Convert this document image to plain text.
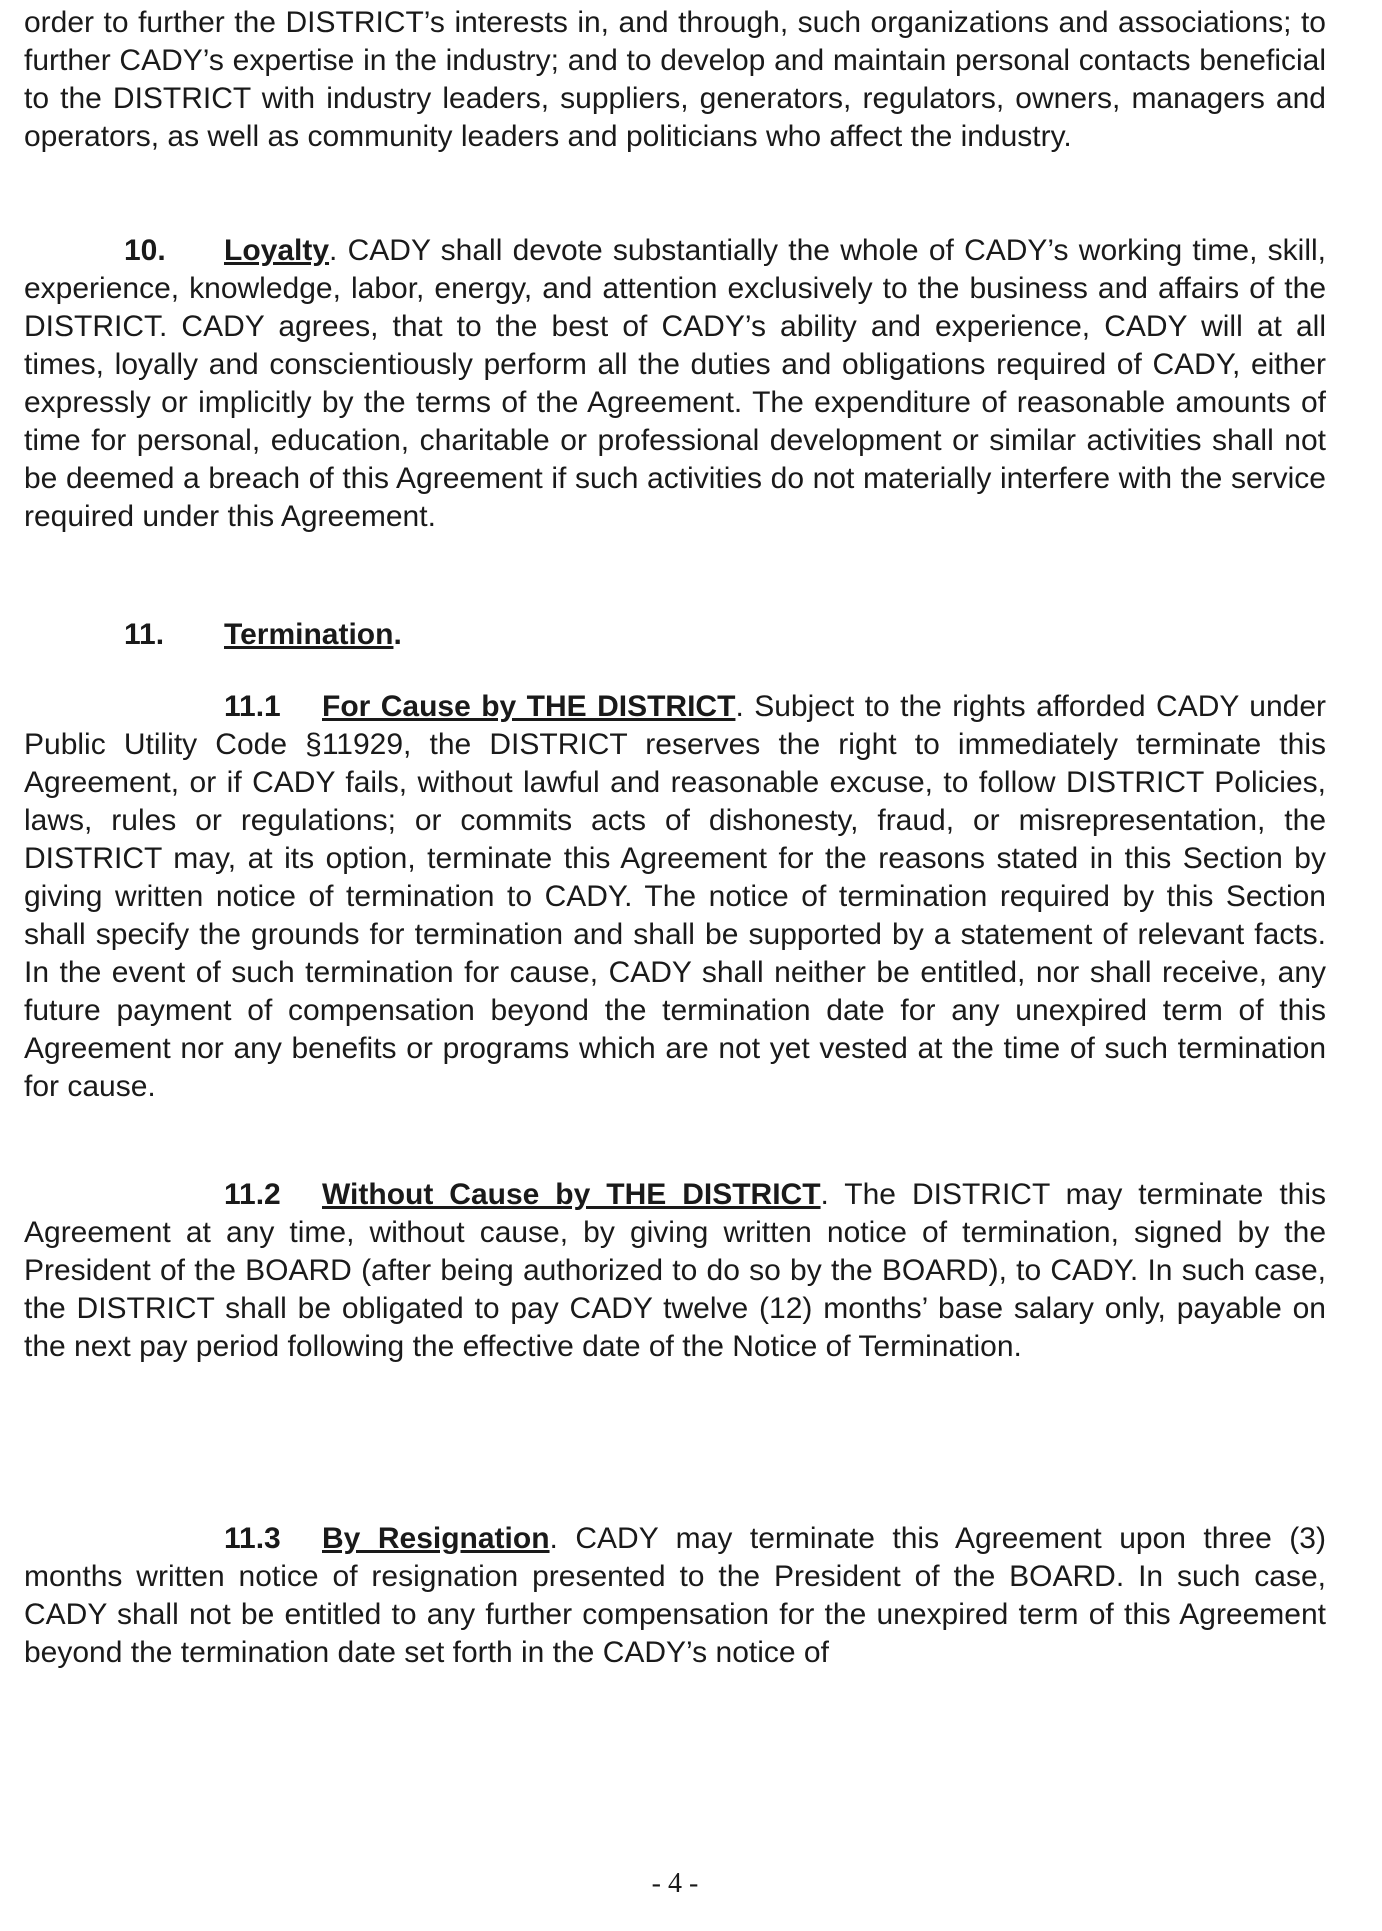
order to further the DISTRICT’s interests in, and through, such organizations and associations; to further CADY’s expertise in the industry; and to develop and maintain personal contacts beneficial to the DISTRICT with industry leaders, suppliers, generators, regulators, owners, managers and operators, as well as community leaders and politicians who affect the industry.

10. Loyalty. CADY shall devote substantially the whole of CADY’s working time, skill, experience, knowledge, labor, energy, and attention exclusively to the business and affairs of the DISTRICT. CADY agrees, that to the best of CADY’s ability and experience, CADY will at all times, loyally and conscientiously perform all the duties and obligations required of CADY, either expressly or implicitly by the terms of the Agreement. The expenditure of reasonable amounts of time for personal, education, charitable or professional development or similar activities shall not be deemed a breach of this Agreement if such activities do not materially interfere with the service required under this Agreement.

11. Termination.

11.1 For Cause by THE DISTRICT. Subject to the rights afforded CADY under Public Utility Code §11929, the DISTRICT reserves the right to immediately terminate this Agreement, or if CADY fails, without lawful and reasonable excuse, to follow DISTRICT Policies, laws, rules or regulations; or commits acts of dishonesty, fraud, or misrepresentation, the DISTRICT may, at its option, terminate this Agreement for the reasons stated in this Section by giving written notice of termination to CADY. The notice of termination required by this Section shall specify the grounds for termination and shall be supported by a statement of relevant facts. In the event of such termination for cause, CADY shall neither be entitled, nor shall receive, any future payment of compensation beyond the termination date for any unexpired term of this Agreement nor any benefits or programs which are not yet vested at the time of such termination for cause.

11.2 Without Cause by THE DISTRICT. The DISTRICT may terminate this Agreement at any time, without cause, by giving written notice of termination, signed by the President of the BOARD (after being authorized to do so by the BOARD), to CADY. In such case, the DISTRICT shall be obligated to pay CADY twelve (12) months’ base salary only, payable on the next pay period following the effective date of the Notice of Termination.

11.3 By Resignation. CADY may terminate this Agreement upon three (3) months written notice of resignation presented to the President of the BOARD. In such case, CADY shall not be entitled to any further compensation for the unexpired term of this Agreement beyond the termination date set forth in the CADY’s notice of

- 4 -
